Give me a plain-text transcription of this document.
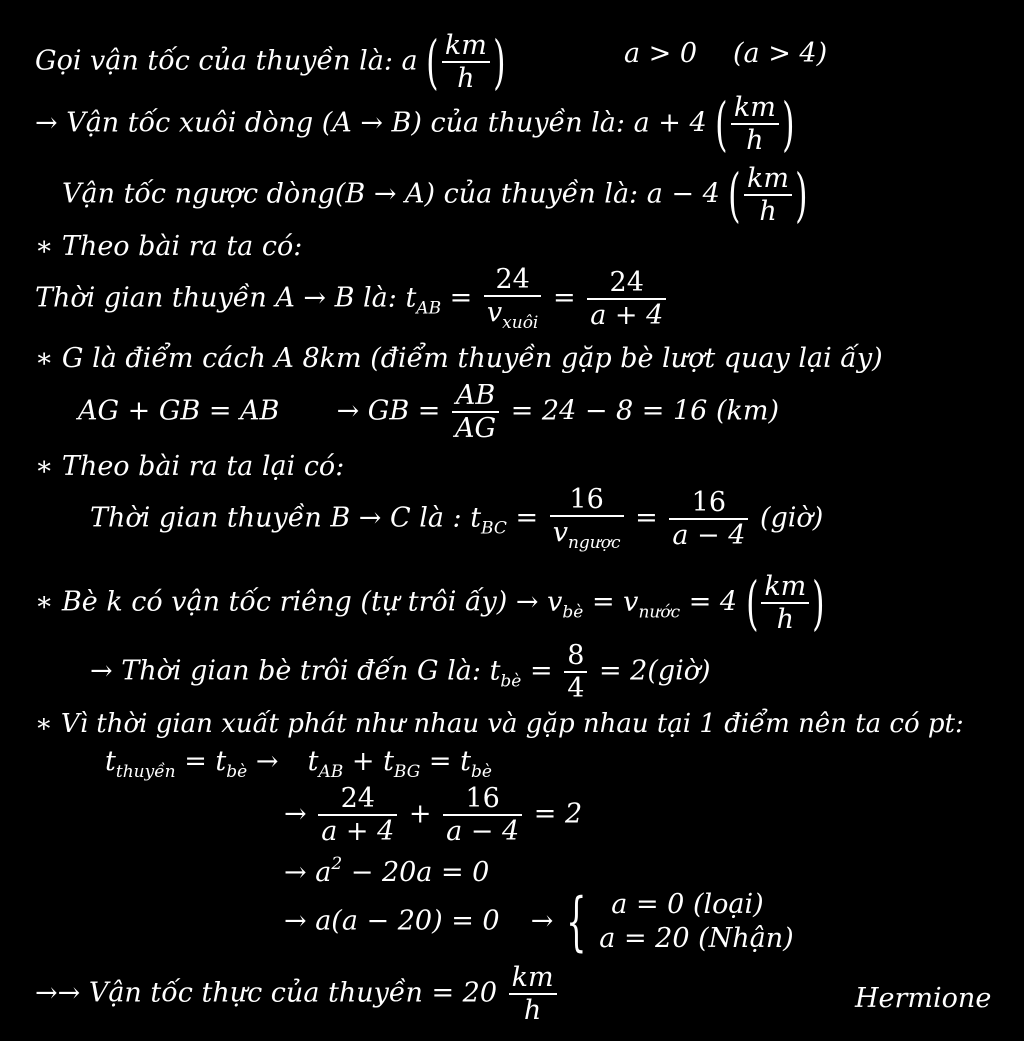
Gọi vận tốc của thuyền là: a ( $\frac{km}{h}$ )	a > 0 (a > 4)
→ Vận tốc xuôi dòng (A → B) của thuyền là: a + 4 ( $\frac{km}{h}$ )
Vận tốc ngược dòng(B → A) của thuyền là: a − 4 ( $\frac{km}{h}$ )
∗ Theo bài ra ta có:
Thời gian thuyền A → B là: $t_{AB}$ =
24
$v_{xuôi}$
= $\frac{24}{a + 4}$
∗ G là điểm cách A 8km (điểm thuyền gặp bè lượt quay lại ấy)
AG + GB = AB → GB = $\frac{AB}{AG} = 24 - 8 = 16$ (km)
∗ Theo bài ra ta lại có:
Thời gian thuyền B → C là : $t_{BC}$ =
16
$v_{ngược}$
= $\frac{16}{a - 4}$ (giờ)
∗ Bè k có vận tốc riêng (tự trôi ấy) → $v_{bè} = v_{nước} = 4$ ( $\frac{km}{h}$ )
→ Thời gian bè trôi đến G là: $t_{bè} = \frac{8}{4}$ = 2(giờ)
∗ Vì thời gian xuất phát như nhau và gặp nhau tại 1 điểm nên ta có pt:
$t_{thuyền} = t_{bè} \to t_{AB} + t_{BG} = t_{bè}$
→ $\frac{24}{a + 4} + \frac{16}{a - 4} = 2$
→ $a^2 - 20a = 0$
→ a(a − 20) = 0 → { a = 0 (loại)
a = 20 (Nhận)
→→ Vận tốc thực của thuyền = $20 \frac{km}{h}$	Hermione
